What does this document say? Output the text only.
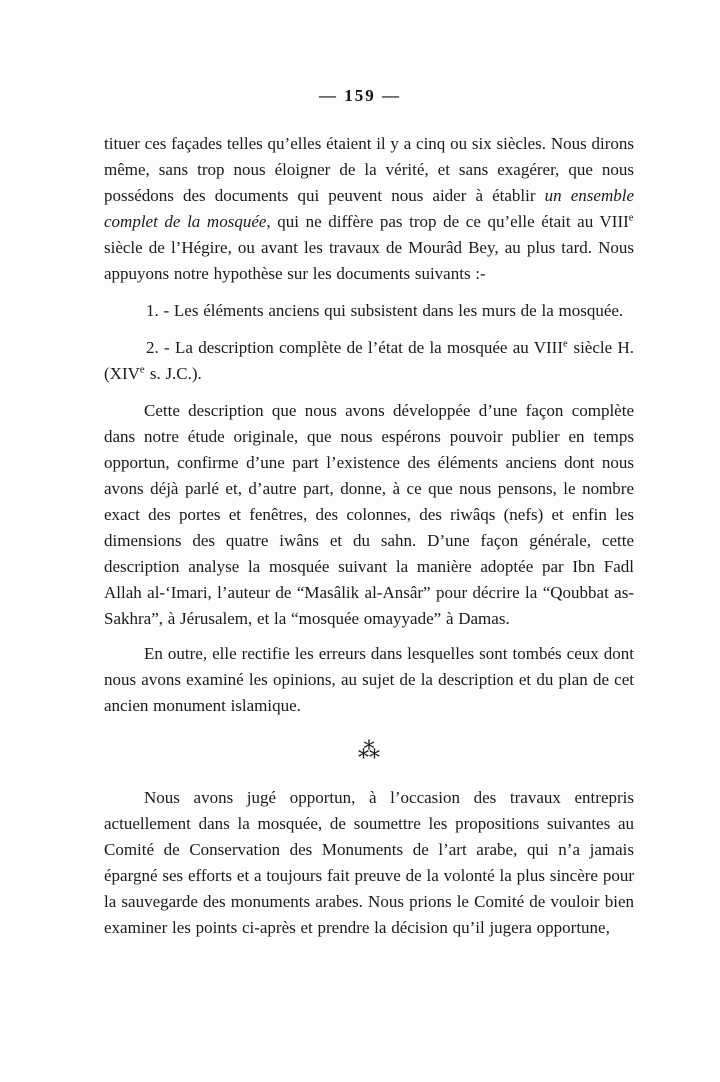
— 159 —

tituer ces façades telles qu’elles étaient il y a cinq ou six siècles. Nous dirons même, sans trop nous éloigner de la vérité, et sans exagérer, que nous possédons des documents qui peuvent nous aider à établir un ensemble complet de la mosquée, qui ne diffère pas trop de ce qu’elle était au VIIIe siècle de l’Hégire, ou avant les travaux de Mourâd Bey, au plus tard. Nous appuyons notre hypothèse sur les documents suivants :-

1. - Les éléments anciens qui subsistent dans les murs de la mosquée.

2. - La description complète de l’état de la mosquée au VIIIe siècle H. (XIVe s. J.C.).

Cette description que nous avons développée d’une façon complète dans notre étude originale, que nous espérons pouvoir publier en temps opportun, confirme d’une part l’existence des éléments anciens dont nous avons déjà parlé et, d’autre part, donne, à ce que nous pensons, le nombre exact des portes et fenêtres, des colonnes, des riwâqs (nefs) et enfin les dimensions des quatre iwâns et du sahn. D’une façon générale, cette description analyse la mosquée suivant la manière adoptée par Ibn Fadl Allah al-‘Imari, l’auteur de “Masâlik al-Ansâr” pour décrire la “Qoubbat as-Sakhra”, à Jérusalem, et la “mosquée omayyade” à Damas.

En outre, elle rectifie les erreurs dans lesquelles sont tombés ceux dont nous avons examiné les opinions, au sujet de la description et du plan de cet ancien monument islamique.

⁂

Nous avons jugé opportun, à l’occasion des travaux entrepris actuellement dans la mosquée, de soumettre les propositions suivantes au Comité de Conservation des Monuments de l’art arabe, qui n’a jamais épargné ses efforts et a toujours fait preuve de la volonté la plus sincère pour la sauvegarde des monuments arabes. Nous prions le Comité de vouloir bien examiner les points ci-après et prendre la décision qu’il jugera opportune,
